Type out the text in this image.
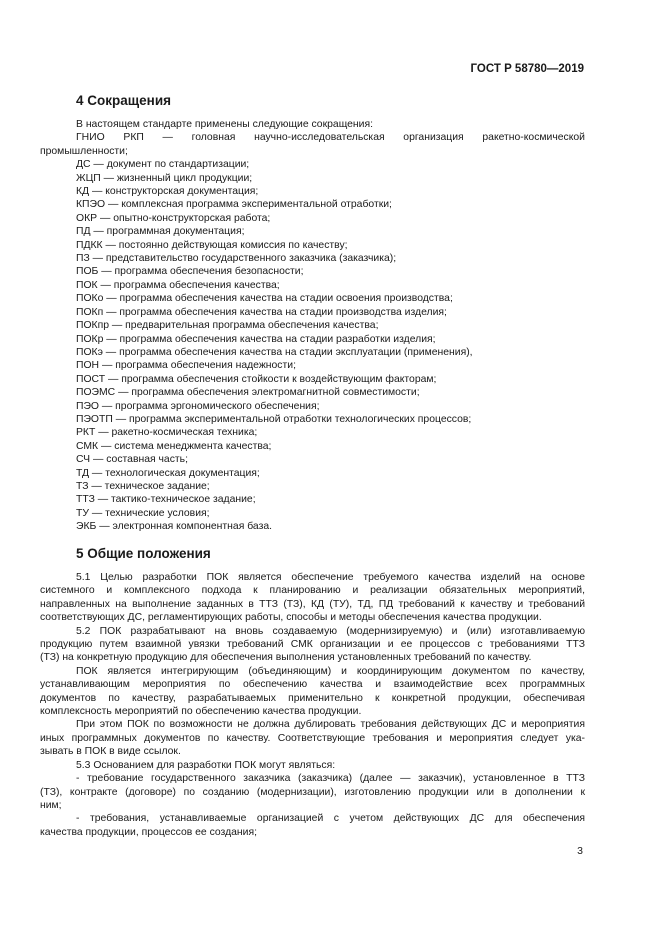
ГОСТ Р 58780—2019
4 Сокращения
В настоящем стандарте применены следующие сокращения:
ГНИО РКП — головная научно-исследовательская организация ракетно-космической
промышленности;
ДС — документ по стандартизации;
ЖЦП — жизненный цикл продукции;
КД — конструкторская документация;
КПЭО — комплексная программа экспериментальной отработки;
ОКР — опытно-конструкторская работа;
ПД — программная документация;
ПДКК — постоянно действующая комиссия по качеству;
ПЗ — представительство государственного заказчика (заказчика);
ПОБ — программа обеспечения безопасности;
ПОК — программа обеспечения качества;
ПОКо — программа обеспечения качества на стадии освоения производства;
ПОКп — программа обеспечения качества на стадии производства изделия;
ПОКпр — предварительная программа обеспечения качества;
ПОКр — программа обеспечения качества на стадии разработки изделия;
ПОКэ — программа обеспечения качества на стадии эксплуатации (применения),
ПОН — программа обеспечения надежности;
ПОСТ — программа обеспечения стойкости к воздействующим факторам;
ПОЭМС — программа обеспечения электромагнитной совместимости;
ПЭО — программа эргономического обеспечения;
ПЭОТП — программа экспериментальной отработки технологических процессов;
РКТ — ракетно-космическая техника;
СМК — система менеджмента качества;
СЧ — составная часть;
ТД — технологическая документация;
ТЗ — техническое задание;
ТТЗ — тактико-техническое задание;
ТУ — технические условия;
ЭКБ — электронная компонентная база.
5 Общие положения
5.1 Целью разработки ПОК является обеспечение требуемого качества изделий на основе
системного и комплексного подхода к планированию и реализации обязательных мероприятий,
направленных на выполнение заданных в ТТЗ (ТЗ), КД (ТУ), ТД, ПД требований к качеству и требований
соответствующих ДС, регламентирующих работы, способы и методы обеспечения качества продукции.
5.2 ПОК разрабатывают на вновь создаваемую (модернизируемую) и (или) изготавливаемую
продукцию путем взаимной увязки требований СМК организации и ее процессов с требованиями ТТЗ
(ТЗ) на конкретную продукцию для обеспечения выполнения установленных требований по качеству.
ПОК является интегрирующим (объединяющим) и координирующим документом по качеству,
устанавливающим мероприятия по обеспечению качества и взаимодействие всех программных
документов по качеству, разрабатываемых применительно к конкретной продукции, обеспечивая
комплексность мероприятий по обеспечению качества продукции.
При этом ПОК по возможности не должна дублировать требования действующих ДС и мероприятия
иных программных документов по качеству. Соответствующие требования и мероприятия следует ука-
зывать в ПОК в виде ссылок.
5.3 Основанием для разработки ПОК могут являться:
- требование государственного заказчика (заказчика) (далее — заказчик), установленное в ТТЗ
(ТЗ), контракте (договоре) по созданию (модернизации), изготовлению продукции или в дополнении к
ним;
- требования, устанавливаемые организацией с учетом действующих ДС для обеспечения
качества продукции, процессов ее создания;
3
